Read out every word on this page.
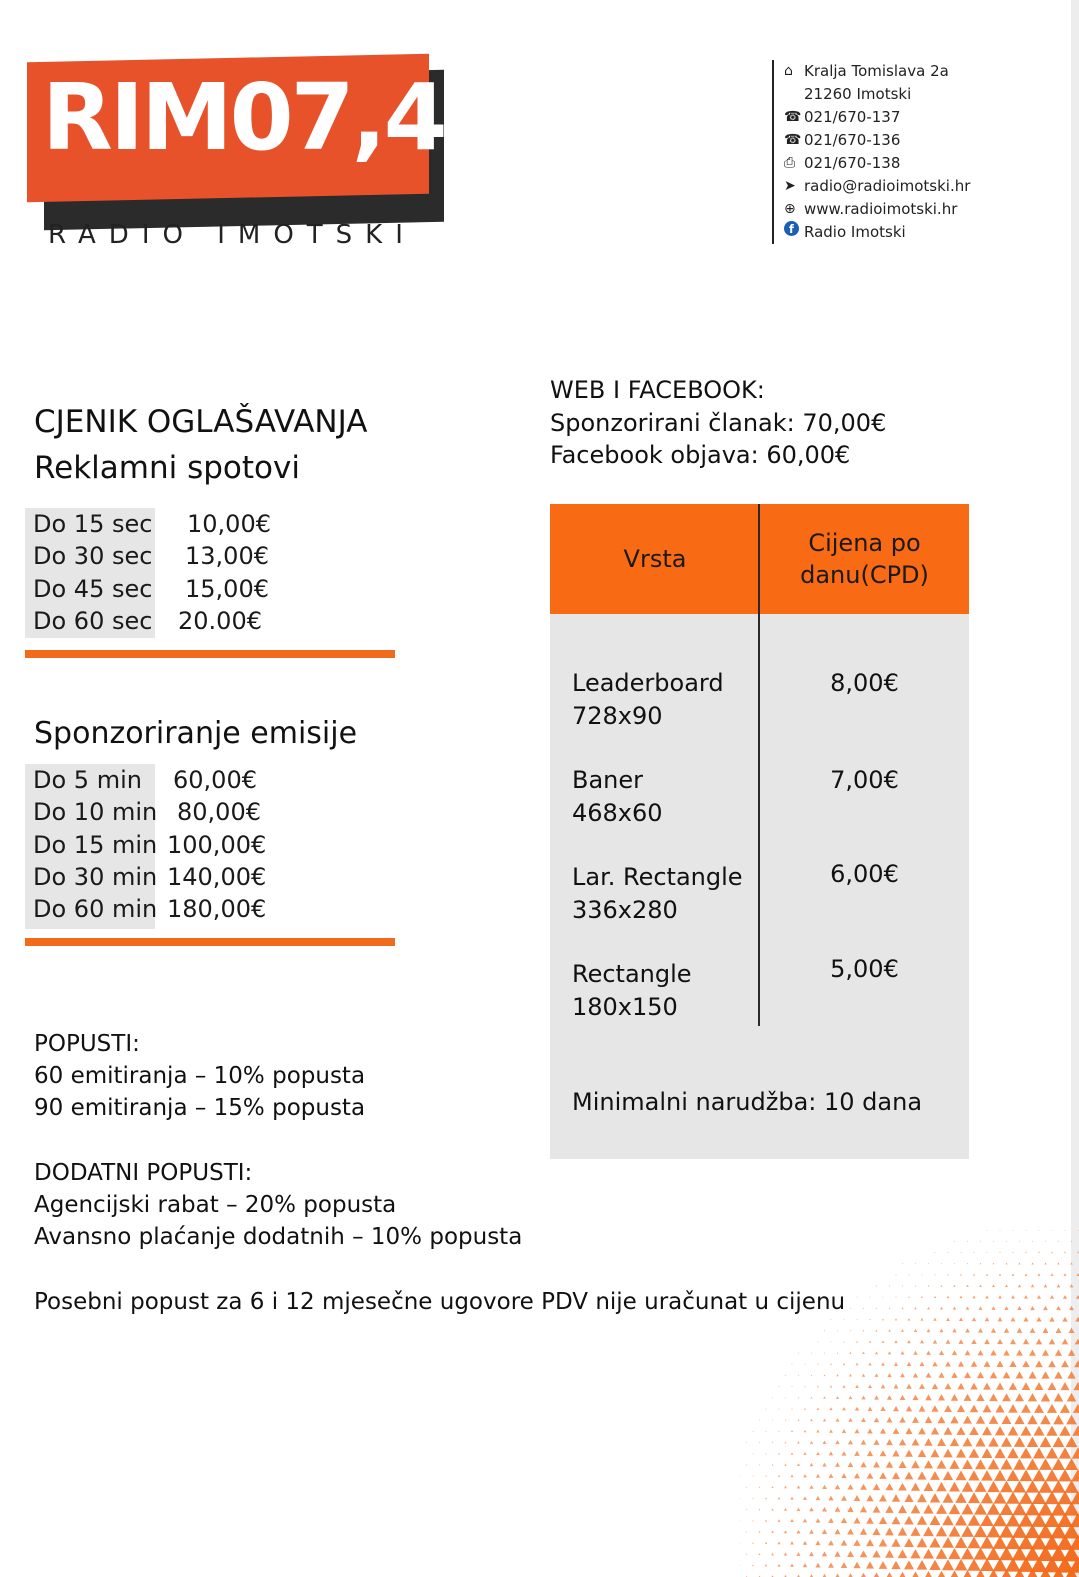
RIM07,4
RADIO IMOTSKI
⌂ Kralja Tomislava 2a
21260 Imotski
☎ 021/670-137
☎ 021/670-136
⎙ 021/670-138
➤ radio@radioimotski.hr
⊕ www.radioimotski.hr
f Radio Imotski
CJENIK OGLAŠAVANJA
Reklamni spotovi
Do 15 sec 10,00€
Do 30 sec 13,00€
Do 45 sec 15,00€
Do 60 sec 20.00€
Sponzoriranje emisije
Do 5 min 60,00€
Do 10 min 80,00€
Do 15 min 100,00€
Do 30 min 140,00€
Do 60 min 180,00€
POPUSTI:
60 emitiranja – 10% popusta
90 emitiranja – 15% popusta
DODATNI POPUSTI:
Agencijski rabat – 20% popusta
Avansno plaćanje dodatnih – 10% popusta
Posebni popust za 6 i 12 mjesečne ugovore PDV nije uračunat u cijenu
WEB I FACEBOOK:
Sponzorirani članak: 70,00€
Facebook objava: 60,00€
Vrsta
Cijena po
danu(CPD)
Leaderboard
728x90
8,00€
Baner
468x60
7,00€
Lar. Rectangle
336x280
6,00€
Rectangle
180x150
5,00€
Minimalni narudžba: 10 dana
